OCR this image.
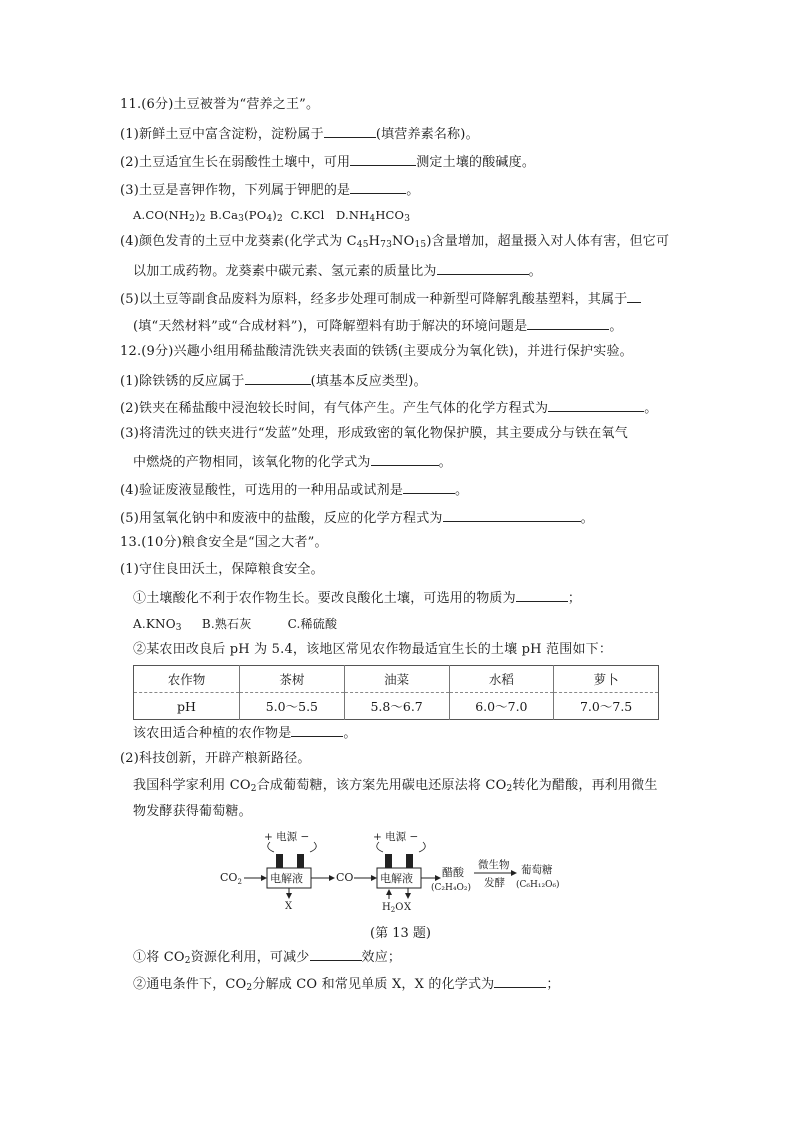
11.(6分)土豆被誉为“营养之王”。
(1)新鲜土豆中富含淀粉，淀粉属于	(填营养素名称)。
(2)土豆适宜生长在弱酸性土壤中，可用	测定土壤的酸碱度。
(3)土豆是喜钾作物，下列属于钾肥的是	。
$A.CO(NH_2)_2$ $B.Ca_3(PO_4)_2$ C.KCl $D.NH_4HCO_3$
(4)颜色发青的土豆中龙葵素(化学式为 $C_{45}H_{73}NO_{15}$)含量增加，超量摄入对人体有害，但它可
以加工成药物。龙葵素中碳元素、氢元素的质量比为	。
(5)以土豆等副食品废料为原料，经多步处理可制成一种新型可降解乳酸基塑料，其属于
(填“天然材料”或“合成材料”)，可降解塑料有助于解决的环境问题是	。
12.(9分)兴趣小组用稀盐酸清洗铁夹表面的铁锈(主要成分为氧化铁)，并进行保护实验。
(1)除铁锈的反应属于	(填基本反应类型)。
(2)铁夹在稀盐酸中浸泡较长时间，有气体产生。产生气体的化学方程式为	。
(3)将清洗过的铁夹进行“发蓝”处理，形成致密的氧化物保护膜，其主要成分与铁在氧气
中燃烧的产物相同，该氧化物的化学式为	。
(4)验证废液显酸性，可选用的一种用品或试剂是	。
(5)用氢氧化钠中和废液中的盐酸，反应的化学方程式为	。
13.(10分)粮食安全是“国之大者”。
(1)守住良田沃土，保障粮食安全。
①土壤酸化不利于农作物生长。要改良酸化土壤，可选用的物质为	；
$A.KNO_3$ B.熟石灰	C.稀硫酸
②某农田改良后 pH 为 5.4，该地区常见农作物最适宜生长的土壤 pH 范围如下：
农作物	茶树	油菜	水稻	萝卜
pH	5.0～5.5	5.8～6.7	6.0～7.0	7.0～7.5
该农田适合种植的农作物是	。
(2)科技创新，开辟产粮新路径。
我国科学家利用 $CO_2$合成葡萄糖，该方案先用碳电还原法将 $CO_2$转化为醋酸，再利用微生
物发酵获得葡萄糖。
$CO_2$
+ 电源 −
电解液
X
CO
+ 电源 −
电解液
$H_2O$ X
醋酸
(C₂H₄O₂)
微生物
发酵
葡萄糖
(C₆H₁₂O₆)
(第 13 题)
①将 $CO_2$资源化利用，可减少	效应；
②通电条件下，$CO_2$分解成 CO 和常见单质 X，X 的化学式为	；
